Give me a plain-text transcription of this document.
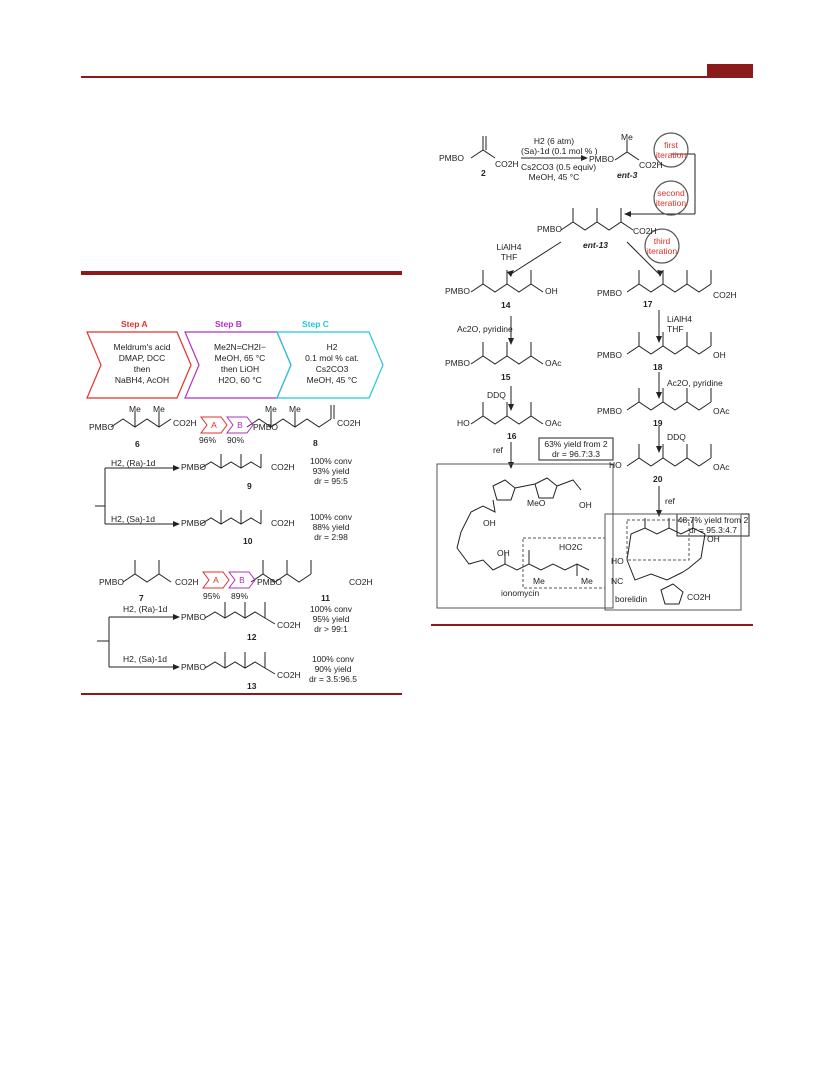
Step A	Step B	Step C
Meldrum's acid
DMAP, DCC
then
NaBH4, AcOH
Me2N=CH2I−
MeOH, 65 °C
then LiOH
H2O, 60 °C
H2
0.1 mol % cat.
Cs2CO3
MeOH, 45 °C
PMBO
Me Me
CO2H
6
A B
96% 90%
PMBO
Me Me
CO2H
8
H2, (Ra)-1d	PMBO	CO2H
9
100% conv
93% yield
dr = 95:5
H2, (Sa)-1d	PMBO	CO2H
10
100% conv
88% yield
dr = 2:98
PMBO	CO2H
7
A B
95% 89%
PMBO	CO2H
11
H2, (Ra)-1d
PMBO
CO2H
12
100% conv
95% yield
dr > 99:1
H2, (Sa)-1d
PMBO
CO2H
13
100% conv
90% yield
dr = 3.5:96.5
PMBO
CO2H
2
H2 (6 atm)
(Sa)-1d (0.1 mol % )
Cs2CO3 (0.5 equiv)
MeOH, 45 °C
PMBO
Me
CO2H
ent-3
first iteration
second iteration
third iteration
PMBO	CO2H
ent-13
LiAlH4
THF
PMBO	OH
14
Ac2O, pyridine
PMBO	OAc
15
DDQ
HO	OAc
16
63% yield from 2
dr = 96.7:3.3
ref
MeO	OH
OH
OH
HO2C
Me	Me
ionomycin
PMBO	CO2H
17
LiAlH4
THF
PMBO	OH
18
Ac2O, pyridine
PMBO	OAc
19
DDQ
HO	OAc
20
48.7% yield from 2
dr = 95.3:4.7
ref
HO
OH
NC
borelidin	CO2H
